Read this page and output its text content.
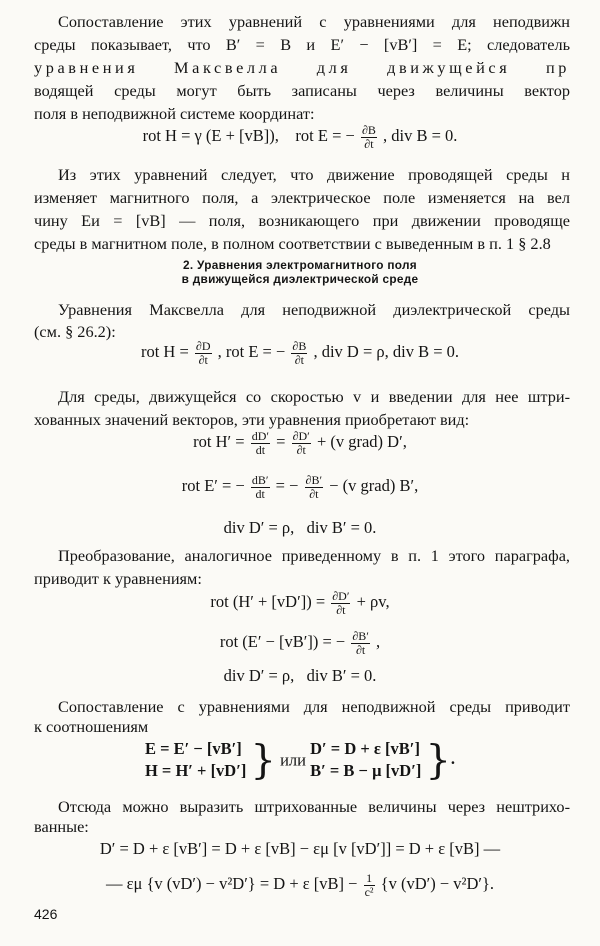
Сопоставление этих уравнений с уравнениями для неподвижн
среды показывает, что B′ = B и E′ − [vB′] = E; следователь
уравнения Максвелла для движущейся пр
водящей среды могут быть записаны через величины вектор
поля в неподвижной системе координат:
rot H = γ (E + [vB]), rot E = − $\frac{\partial B}{\partial t}$ , div B = 0.
Из этих уравнений следует, что движение проводящей среды н
изменяет магнитного поля, а электрическое поле изменяется на вел
чину Eи = [vB] — поля, возникающего при движении проводяще
среды в магнитном поле, в полном соответствии с выведенным в п. 1 § 2.8
2. Уравнения электромагнитного поля
в движущейся диэлектрической среде
Уравнения Максвелла для неподвижной диэлектрической среды
(см. § 26.2):
rot $H = \frac{\partial D}{\partial t}$ , rot E = − $\frac{\partial B}{\partial t}$ , div D = ρ, div B = 0.
Для среды, движущейся со скоростью v и введении для нее штри-
хованных значений векторов, эти уравнения приобретают вид:
rot $H' = \frac{dD'}{dt} = \frac{\partial D'}{\partial t} + (v$ grad) D′,
rot E′ = − $\frac{dB'}{dt}$ = − $\frac{\partial B'}{\partial t} - (v$ grad) B′,
div D′ = ρ,   div B′ = 0.
Преобразование, аналогичное приведенному в п. 1 этого параграфа,
приводит к уравнениям:
rot $(H' + [vD']) = \frac{\partial D'}{\partial t} + \rho v$,
rot (E′ − [vB′]) = − $\frac{\partial B'}{\partial t}$ ,
div D′ = ρ,   div B′ = 0.
Сопоставление с уравнениями для неподвижной среды приводит
к соотношениям
E = E′ − [vB′]
H = H′ + [vD′] } или
D′ = D + ε [vB′]
B′ = B − μ [vD′] }.
Отсюда можно выразить штрихованные величины через нештрихо-
ванные:
D′ = D + ε [vB′] = D + ε [vB] − εμ [v [vD′]] = D + ε [vB] —
— εμ {v (vD′) − v²D′} = D + ε $[vB] - \frac{1}{\text{c²}} \{v$ (vD′) − v²D′}.
426
